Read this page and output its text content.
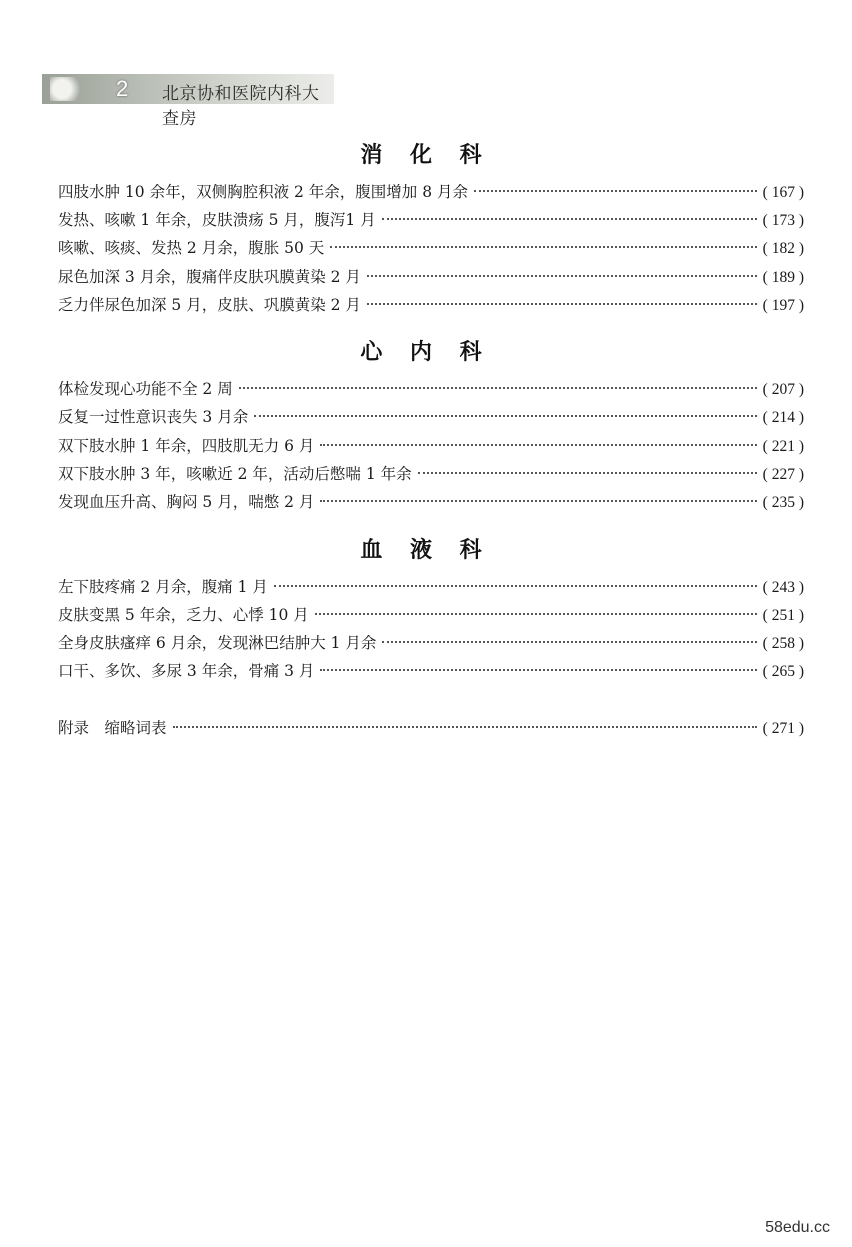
2 北京协和医院内科大查房
消 化 科
四肢水肿 10 余年，双侧胸腔积液 2 年余，腹围增加 8 月余	( 167 )
发热、咳嗽 1 年余，皮肤溃疡 5 月，腹泻1 月	( 173 )
咳嗽、咳痰、发热 2 月余，腹胀 50 天	( 182 )
尿色加深 3 月余，腹痛伴皮肤巩膜黄染 2 月	( 189 )
乏力伴尿色加深 5 月，皮肤、巩膜黄染 2 月	( 197 )
心 内 科
体检发现心功能不全 2 周	( 207 )
反复一过性意识丧失 3 月余	( 214 )
双下肢水肿 1 年余，四肢肌无力 6 月	( 221 )
双下肢水肿 3 年，咳嗽近 2 年，活动后憋喘 1 年余	( 227 )
发现血压升高、胸闷 5 月，喘憋 2 月	( 235 )
血 液 科
左下肢疼痛 2 月余，腹痛 1 月	( 243 )
皮肤变黑 5 年余，乏力、心悸 10 月	( 251 )
全身皮肤瘙痒 6 月余，发现淋巴结肿大 1 月余	( 258 )
口干、多饮、多尿 3 年余，骨痛 3 月	( 265 )
附录　缩略词表	( 271 )
58edu.cc
